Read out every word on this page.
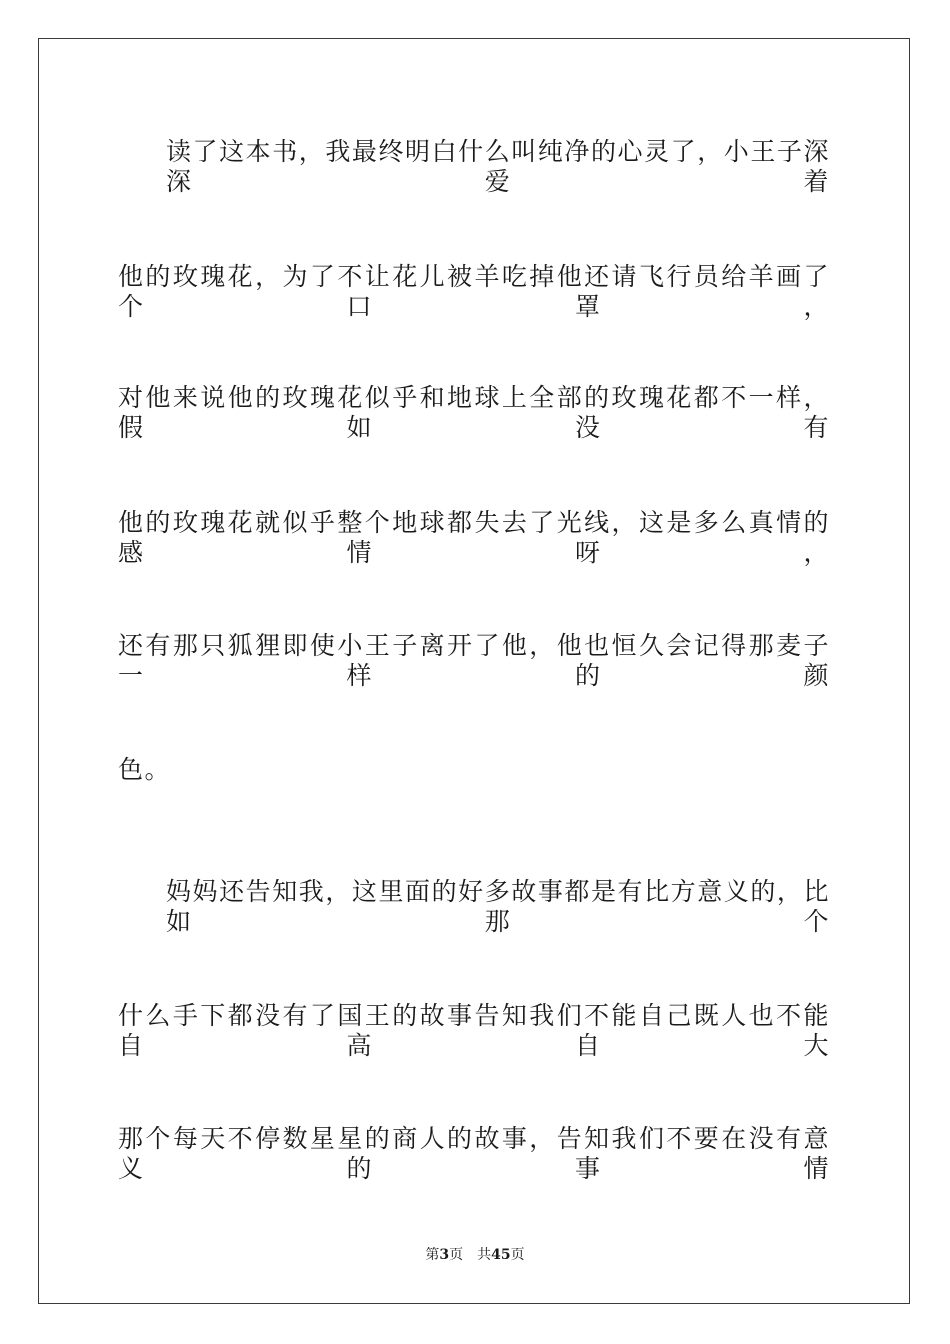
读了这本书，我最终明白什么叫纯净的心灵了，小王子深深爱着
他的玫瑰花，为了不让花儿被羊吃掉他还请飞行员给羊画了个口罩，
对他来说他的玫瑰花似乎和地球上全部的玫瑰花都不一样，假如没有
他的玫瑰花就似乎整个地球都失去了光线，这是多么真情的感情呀，
还有那只狐狸即使小王子离开了他，他也恒久会记得那麦子一样的颜
色。
妈妈还告知我，这里面的好多故事都是有比方意义的，比如那个
什么手下都没有了国王的故事告知我们不能自己既人也不能自高自大
那个每天不停数星星的商人的故事，告知我们不要在没有意义的事情
第3页 共45页
